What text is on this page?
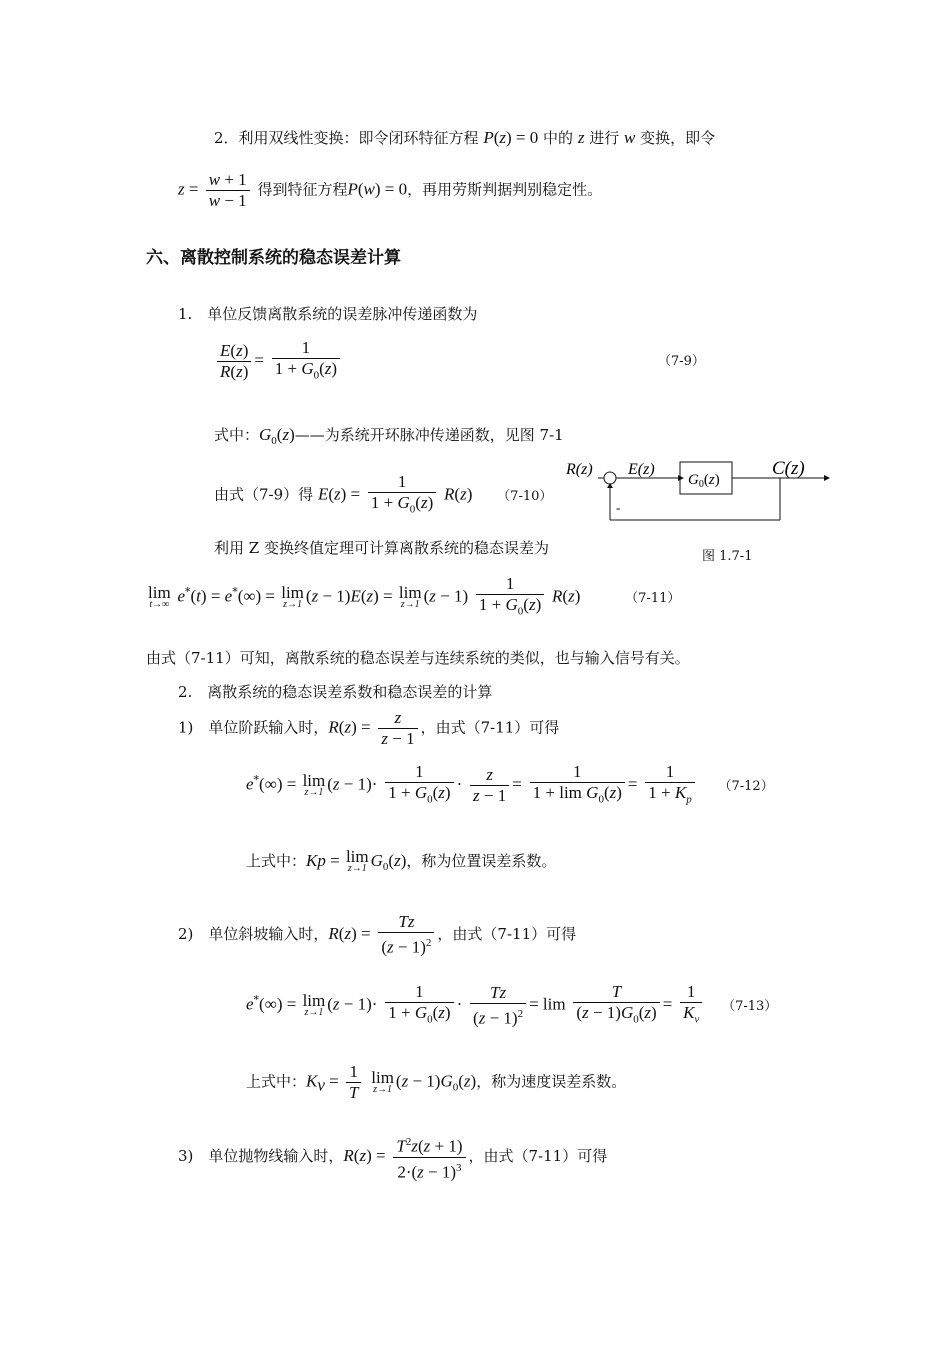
2．利用双线性变换：即令闭环特征方程 P(z) = 0 中的 z 进行 w 变换，即令
$z = \frac{w + 1}{w - 1}$ 得到特征方程P(w) = 0，再用劳斯判据判别稳定性。
六、离散控制系统的稳态误差计算
1.　单位反馈离散系统的误差脉冲传递函数为
$\frac{E(z)}{R(z)} = \frac{1}{1 + G_0(z)}$	（7-9）
式中：$G_0(z)——$为系统开环脉冲传递函数，见图 7-1
由式（7-9）得 $E(z) = \frac{1}{1 + G_0(z)} R(z)$ （7-10）
R(z) E(z)
$G_0(z)$
C(z)
-
利用 Z 变换终值定理可计算离散系统的稳态误差为	图 1.7-1
lim
t→∞ e*(t) = e*(∞) = lim
z→1 (z − 1)E(z) = lim
z→1 $(z - 1) \frac{1}{1 + G_0(z)} R(z)$	（7-11）
由式（7-11）可知，离散系统的稳态误差与连续系统的类似，也与输入信号有关。
2.　离散系统的稳态误差系数和稳态误差的计算
1)　单位阶跃输入时，$R(z) = \frac{z}{z - 1}$ ，由式（7-11）可得
e*(∞) = lim
z→1 $(z - 1)\cdot \frac{1}{1 + G_0(z)} \cdot \frac{z}{z - 1} = \frac{1}{1 + \lim G_0(z)} = \frac{1}{1 + K_p} (7-12)$
上式中：Kp = lim
z→1 $G_0(z)$，称为位置误差系数。
2)　单位斜坡输入时，$R(z) = \frac{Tz}{(z - 1)^2}$ ，由式（7-11）可得
e*(∞) = lim
z→1 $(z - 1)\cdot \frac{1}{1 + G_0(z)} \cdot \frac{Tz}{(z - 1)^2} = \lim \frac{T}{(z - 1)G_0(z)} = \frac{1}{K_v} (7-13)$
上式中：$K_v = \frac{1}{T}$
lim
z→1 $(z - 1)G_0(z)$，称为速度误差系数。
3)　单位抛物线输入时，$R(z) = \frac{T^2z(z + 1)}{2\cdot(z - 1)^3}$ ，由式（7-11）可得
